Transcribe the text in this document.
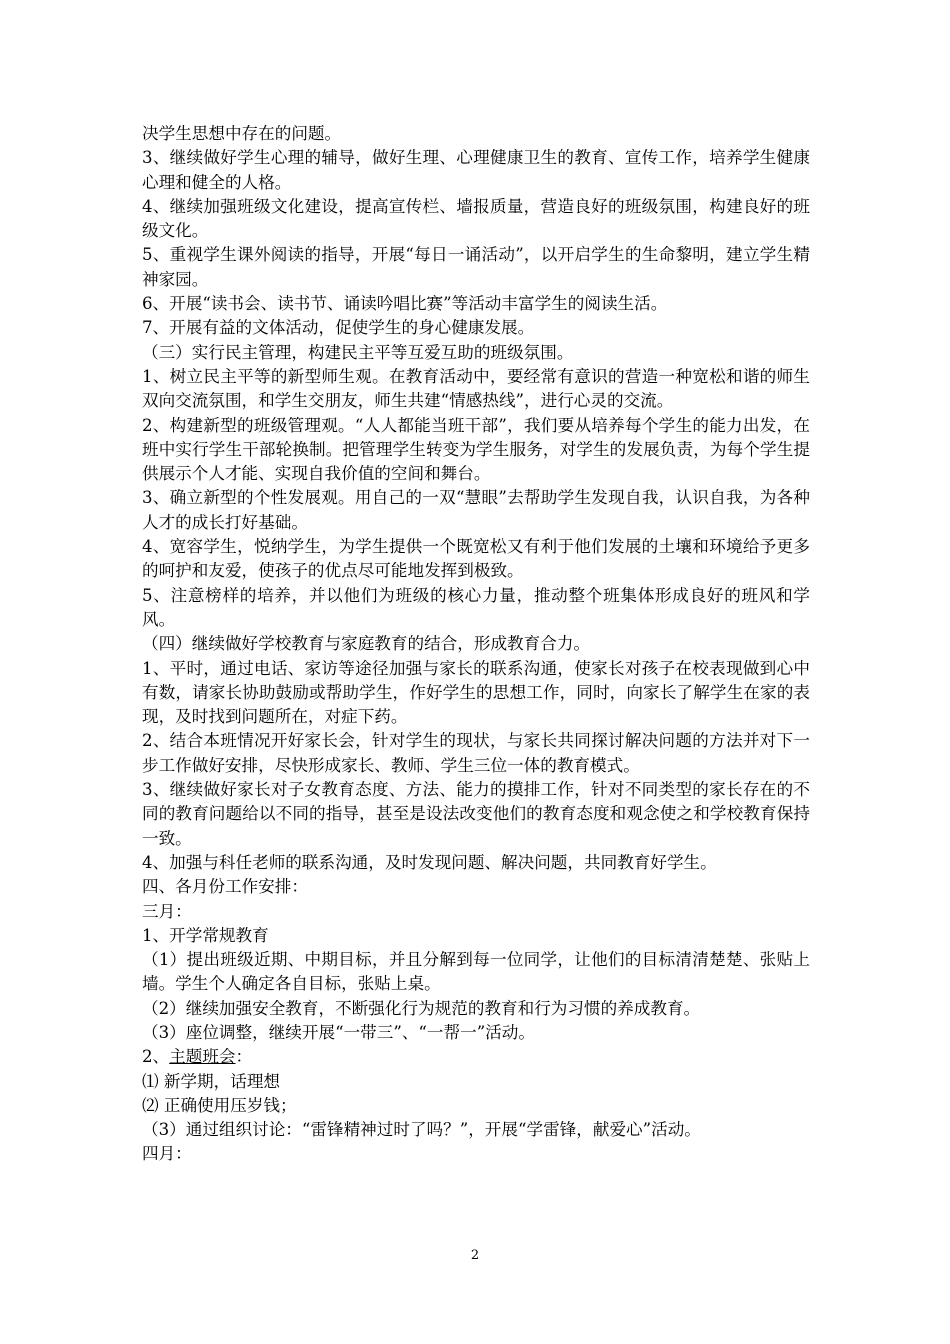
决学生思想中存在的问题。

3、继续做好学生心理的辅导，做好生理、心理健康卫生的教育、宣传工作，培养学生健康心理和健全的人格。

4、继续加强班级文化建设，提高宣传栏、墙报质量，营造良好的班级氛围，构建良好的班级文化。

5、重视学生课外阅读的指导，开展“每日一诵活动”，以开启学生的生命黎明，建立学生精神家园。

6、开展“读书会、读书节、诵读吟唱比赛”等活动丰富学生的阅读生活。

7、开展有益的文体活动，促使学生的身心健康发展。

（三）实行民主管理，构建民主平等互爱互助的班级氛围。

1、树立民主平等的新型师生观。在教育活动中，要经常有意识的营造一种宽松和谐的师生双向交流氛围，和学生交朋友，师生共建“情感热线”，进行心灵的交流。

2、构建新型的班级管理观。“人人都能当班干部”，我们要从培养每个学生的能力出发，在班中实行学生干部轮换制。把管理学生转变为学生服务，对学生的发展负责，为每个学生提供展示个人才能、实现自我价值的空间和舞台。

3、确立新型的个性发展观。用自己的一双“慧眼”去帮助学生发现自我，认识自我，为各种人才的成长打好基础。

4、宽容学生，悦纳学生，为学生提供一个既宽松又有利于他们发展的土壤和环境给予更多的呵护和友爱，使孩子的优点尽可能地发挥到极致。

5、注意榜样的培养，并以他们为班级的核心力量，推动整个班集体形成良好的班风和学风。

（四）继续做好学校教育与家庭教育的结合，形成教育合力。

1、平时，通过电话、家访等途径加强与家长的联系沟通，使家长对孩子在校表现做到心中有数，请家长协助鼓励或帮助学生，作好学生的思想工作，同时，向家长了解学生在家的表现，及时找到问题所在，对症下药。

2、结合本班情况开好家长会，针对学生的现状，与家长共同探讨解决问题的方法并对下一步工作做好安排，尽快形成家长、教师、学生三位一体的教育模式。

3、继续做好家长对子女教育态度、方法、能力的摸排工作，针对不同类型的家长存在的不同的教育问题给以不同的指导，甚至是设法改变他们的教育态度和观念使之和学校教育保持一致。

4、加强与科任老师的联系沟通，及时发现问题、解决问题，共同教育好学生。

四、各月份工作安排：

三月：

1、开学常规教育

（1）提出班级近期、中期目标，并且分解到每一位同学，让他们的目标清清楚楚、张贴上墙。学生个人确定各自目标，张贴上桌。

（2）继续加强安全教育，不断强化行为规范的教育和行为习惯的养成教育。

（3）座位调整，继续开展“一带三”、“一帮一”活动。

2、主题班会：

⑴ 新学期，话理想

⑵ 正确使用压岁钱；

（3）通过组织讨论：“雷锋精神过时了吗？”，开展“学雷锋，献爱心”活动。

四月：

2
